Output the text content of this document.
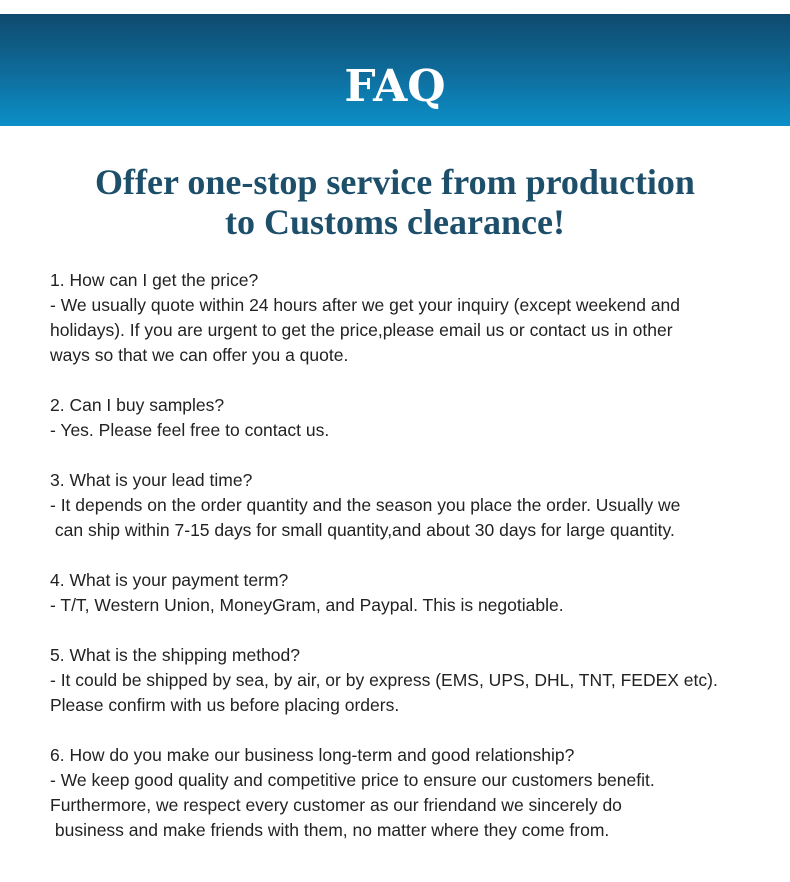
FAQ
Offer one-stop service from production
to Customs clearance!
1. How can I get the price?
- We usually quote within 24 hours after we get your inquiry (except weekend and
holidays). If you are urgent to get the price,please email us or contact us in other
ways so that we can offer you a quote.
2. Can I buy samples?
- Yes. Please feel free to contact us.
3. What is your lead time?
- It depends on the order quantity and the season you place the order. Usually we
can ship within 7-15 days for small quantity,and about 30 days for large quantity.
4. What is your payment term?
- T/T, Western Union, MoneyGram, and Paypal. This is negotiable.
5. What is the shipping method?
- It could be shipped by sea, by air, or by express (EMS, UPS, DHL, TNT, FEDEX etc).
Please confirm with us before placing orders.
6. How do you make our business long-term and good relationship?
- We keep good quality and competitive price to ensure our customers benefit.
Furthermore, we respect every customer as our friendand we sincerely do
business and make friends with them, no matter where they come from.
